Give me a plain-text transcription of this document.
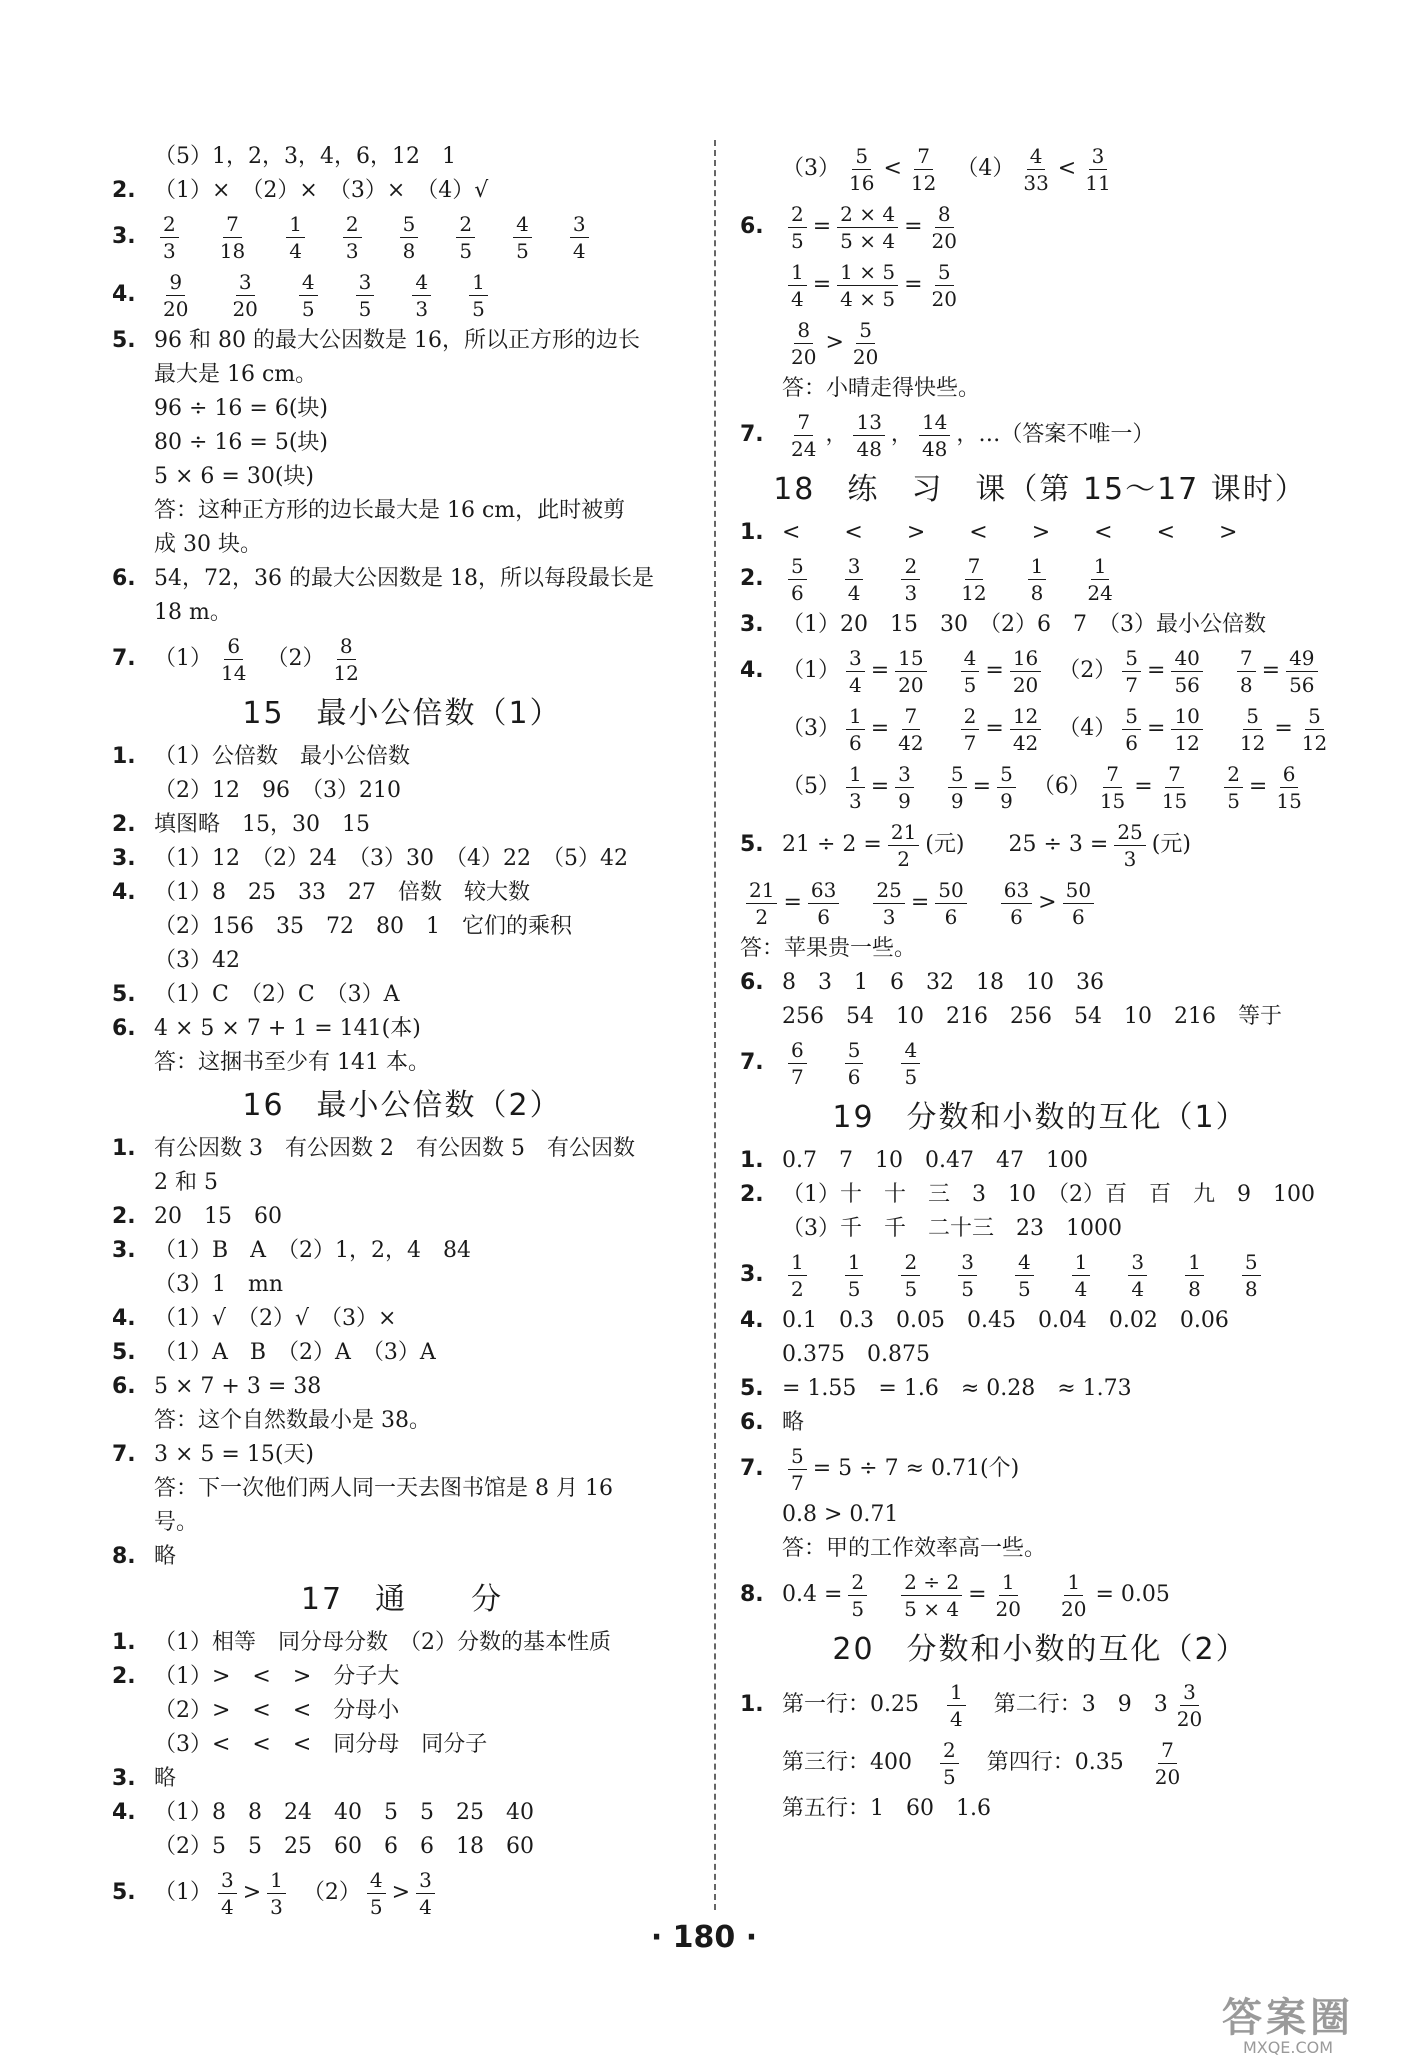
（5）1，2，3，4，6，12　1
2. （1）×　（2）×　（3）×　（4）√
3. $\frac{2}{3} \frac{7}{18} \frac{1}{4} \frac{2}{3} \frac{5}{8} \frac{2}{5} \frac{4}{5} \frac{3}{4}$
4. $\frac{9}{20} \frac{3}{20} \frac{4}{5} \frac{3}{5} \frac{4}{3} \frac{1}{5}$
5. 96 和 80 的最大公因数是 16，所以正方形的边长
最大是 16 cm。
96 ÷ 16 = 6(块)
80 ÷ 16 = 5(块)
5 × 6 = 30(块)
答：这种正方形的边长最大是 16 cm，此时被剪
成 30 块。
6. 54，72，36 的最大公因数是 18，所以每段最长是
18 m。
7. $(1) \frac{6}{14}$ 　$(2) \frac{8}{12}$
15　最小公倍数（1）
1. （1）公倍数　最小公倍数
（2）12　96　（3）210
2. 填图略　15，30　15
3. （1）12　（2）24　（3）30　（4）22　（5）42
4. （1）8　25　33　27　倍数　较大数
（2）156　35　72　80　1　它们的乘积
（3）42
5. （1）C　（2）C　（3）A
6. 4 × 5 × 7 + 1 = 141(本)
答：这捆书至少有 141 本。
16　最小公倍数（2）
1. 有公因数 3　有公因数 2　有公因数 5　有公因数
2 和 5
2. 20　15　60
3. （1）B　A　（2）1，2，4　84
（3）1　mn
4. （1）√　（2）√　（3）×
5. （1）A　B　（2）A　（3）A
6. 5 × 7 + 3 = 38
答：这个自然数最小是 38。
7. 3 × 5 = 15(天)
答：下一次他们两人同一天去图书馆是 8 月 16
号。
8. 略
17　通　　分
1. （1）相等　同分母分数　（2）分数的基本性质
2. （1）>　<　>　分子大
（2）>　<　<　分母小
（3）<　<　<　同分母　同分子
3. 略
4. （1）8　8　24　40　5　5　25　40
（2）5　5　25　60　6　6　18　60
5. $(1) \frac{3}{4} > \frac{1}{3}$ 　$(2) \frac{4}{5} > \frac{3}{4}$
$(3) \frac{5}{16} < \frac{7}{12}$ 　$(4) \frac{4}{33} < \frac{3}{11}$
6. $\frac{2}{5} = \frac{2 \times 4}{5 \times 4} = \frac{8}{20}$
$\frac{1}{4} = \frac{1 \times 5}{4 \times 5} = \frac{5}{20}$
$\frac{8}{20} > \frac{5}{20}$
答：小晴走得快些。
7. $\frac{7}{24}$ ， $\frac{13}{48}$ ， $\frac{14}{48}$ ，…（答案不唯一）
18　练　习　课（第 15～17 课时）
1. <　　<　　>　　<　　>　　<　　<　　>
2. $\frac{5}{6} \frac{3}{4} \frac{2}{3} \frac{7}{12} \frac{1}{8} \frac{1}{24}$
3. （1）20　15　30　（2）6　7　（3）最小公倍数
4. $(1) \frac{3}{4} = \frac{15}{20}$
　 $\frac{4}{5} = \frac{16}{20}$ 　$(2) \frac{5}{7} = \frac{40}{56}$
　 $\frac{7}{8} = \frac{49}{56}$
$(3) \frac{1}{6} = \frac{7}{42}$
　 $\frac{2}{7} = \frac{12}{42}$ 　$(4) \frac{5}{6} = \frac{10}{12}$
　 $\frac{5}{12} = \frac{5}{12}$
$(5) \frac{1}{3} = \frac{3}{9}$
　 $\frac{5}{9} = \frac{5}{9}$ 　$(6) \frac{7}{15} = \frac{7}{15}$
　 $\frac{2}{5} = \frac{6}{15}$
5. $21 \div 2 = \frac{21}{2}$ (元)　　$25 \div 3 = \frac{25}{3}$ (元)
$\frac{21}{2} = \frac{63}{6}$
　 $\frac{25}{3} = \frac{50}{6}$
　 $\frac{63}{6} > \frac{50}{6}$
答：苹果贵一些。
6. 8　3　1　6　32　18　10　36
256　54　10　216　256　54　10　216　等于
7. $\frac{6}{7} \frac{5}{6} \frac{4}{5}$
19　分数和小数的互化（1）
1. 0.7　7　10　0.47　47　100
2. （1）十　十　三　3　10　（2）百　百　九　9　100
（3）千　千　二十三　23　1000
3. $\frac{1}{2} \frac{1}{5} \frac{2}{5} \frac{3}{5} \frac{4}{5} \frac{1}{4} \frac{3}{4} \frac{1}{8} \frac{5}{8}$
4. 0.1　0.3　0.05　0.45　0.04　0.02　0.06
0.375　0.875
5. = 1.55　= 1.6　≈ 0.28　≈ 1.73
6. 略
7. $\frac{5}{7} = 5 \div 7 \approx 0.71$(个)
0.8 > 0.71
答：甲的工作效率高一些。
8. $0.4 = \frac{2}{5}$
　 $\frac{2 \div 2}{5 \times 4} = \frac{1}{20}$
　 $\frac{1}{20} = 0.05$
20　分数和小数的互化（2）
1. 第一行：0.25　 $\frac{1}{4}$ 　第二行：3　9　$3 \frac{3}{20}$
第三行：400　 $\frac{2}{5}$ 　第四行：0.35　 $\frac{7}{20}$
第五行：1　60　1.6
· 180 ·
答案圈
MXQE.COM
